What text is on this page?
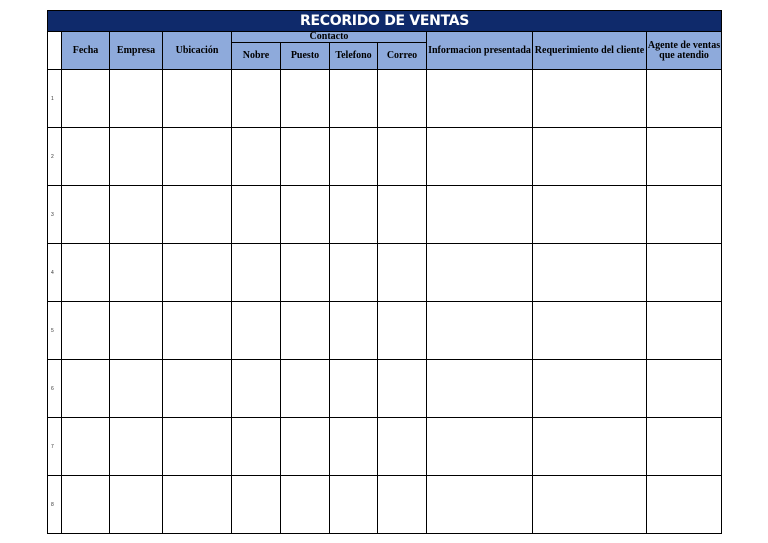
RECORIDO DE VENTAS										
	Fecha	Empresa	Ubicación	Contacto				Informacion presentada	Requerimiento del cliente	Agente de ventas que atendio
				Nobre	Puesto	Telefono	Correo			
1										
2										
3										
4										
5										
6										
7										
8										
